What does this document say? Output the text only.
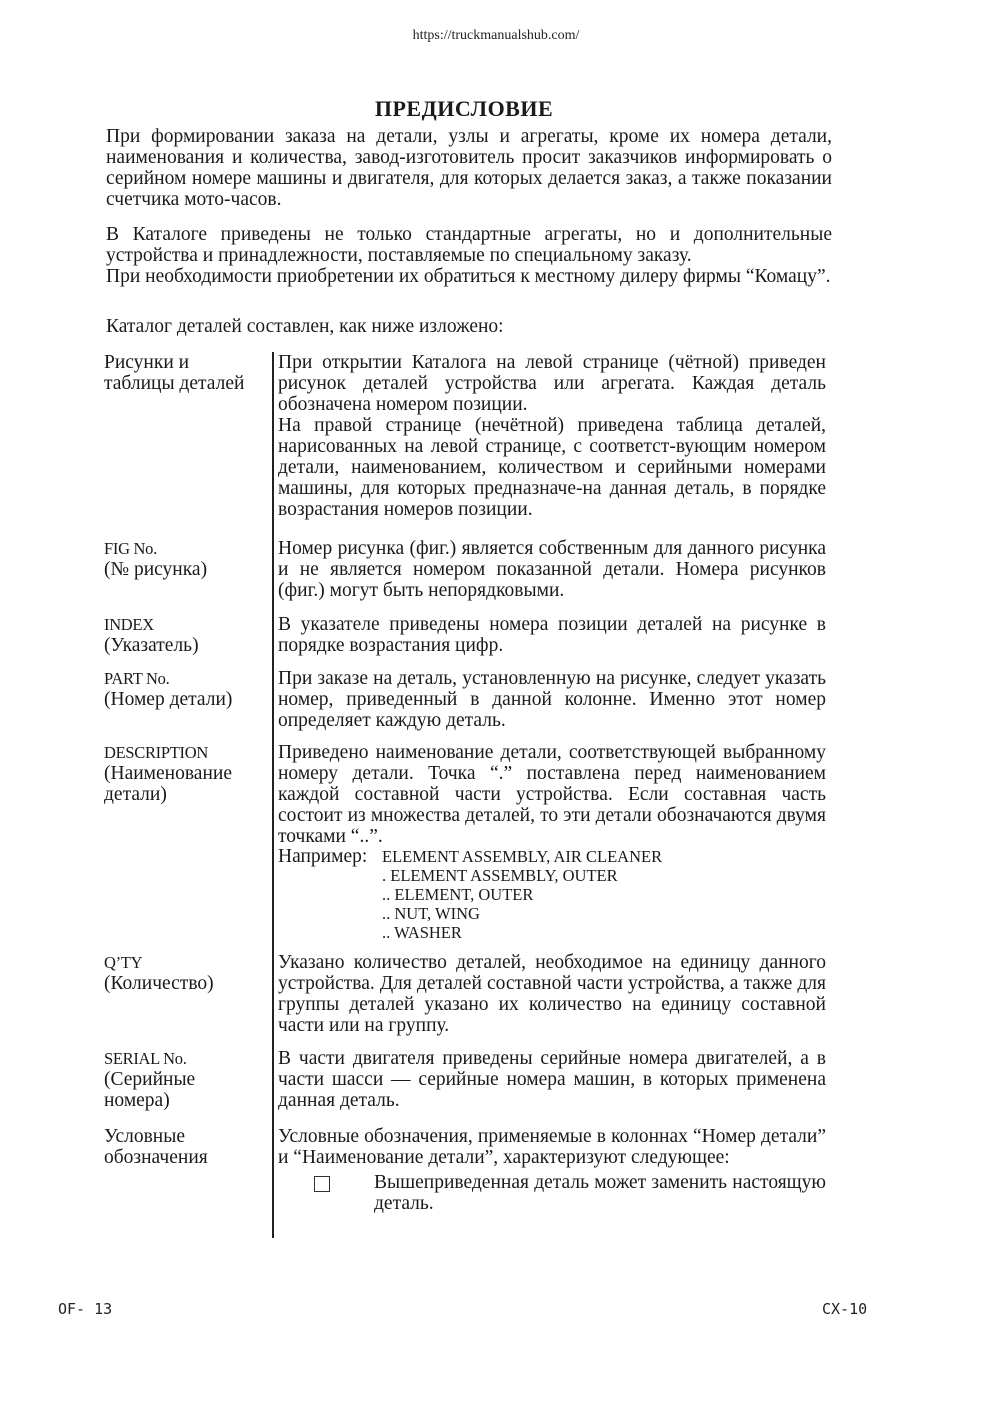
https://truckmanualshub.com/
ПРЕДИСЛОВИЕ

При формировании заказа на детали, узлы и агрегаты, кроме их номера детали, наименования и количества, завод-изготовитель просит заказчиков информировать о серийном номере машины и двигателя, для которых делается заказ, а также показании счетчика мото-часов.

В Каталоге приведены не только стандартные агрегаты, но и дополнительные устройства и принадлежности, поставляемые по специальному заказу.

При необходимости приобретении их обратиться к местному дилеру фирмы “Комацу”.

Каталог деталей составлен, как ниже изложено:

Рисунки и
таблицы деталей

При открытии Каталога на левой странице (чётной) приведен рисунок деталей устройства или агрегата. Каждая деталь обозначена номером позиции.

На правой странице (нечётной) приведена таблица деталей, нарисованных на левой странице, с соответст-вующим номером детали, наименованием, количеством и серийными номерами машины, для которых предназначе-на данная деталь, в порядке возрастания номеров позиции.

FIG No.
(№ рисунка)

Номер рисунка (фиг.) является собственным для данного рисунка и не является номером показанной детали. Номера рисунков (фиг.) могут быть непорядковыми.

INDEX
(Указатель)

В указателе приведены номера позиции деталей на рисунке в порядке возрастания цифр.

PART No.
(Номер детали)

При заказе на деталь, установленную на рисунке, следует указать номер, приведенный в данной колонне. Именно этот номер определяет каждую деталь.

DESCRIPTION
(Наименование
детали)

Приведено наименование детали, соответствующей выбранному номеру детали. Точка “.” поставлена перед наименованием каждой составной части устройства. Если составная часть состоит из множества деталей, то эти детали обозначаются двумя точками “..”.

Например: ELEMENT ASSEMBLY, AIR CLEANER
. ELEMENT ASSEMBLY, OUTER
.. ELEMENT, OUTER
.. NUT, WING
.. WASHER
Q’TY
(Количество)

Указано количество деталей, необходимое на единицу данного устройства. Для деталей составной части устройства, а также для группы деталей указано их количество на единицу составной части или на группу.

SERIAL No.
(Серийные
номера)

В части двигателя приведены серийные номера двигателей, а в части шасси — серийные номера машин, в которых применена данная деталь.

Условные
обозначения

Условные обозначения, применяемые в колоннах “Номер детали” и “Наименование детали”, характеризуют следующее:

Вышеприведенная деталь может заменить настоящую деталь.
OF- 13	CX-10
